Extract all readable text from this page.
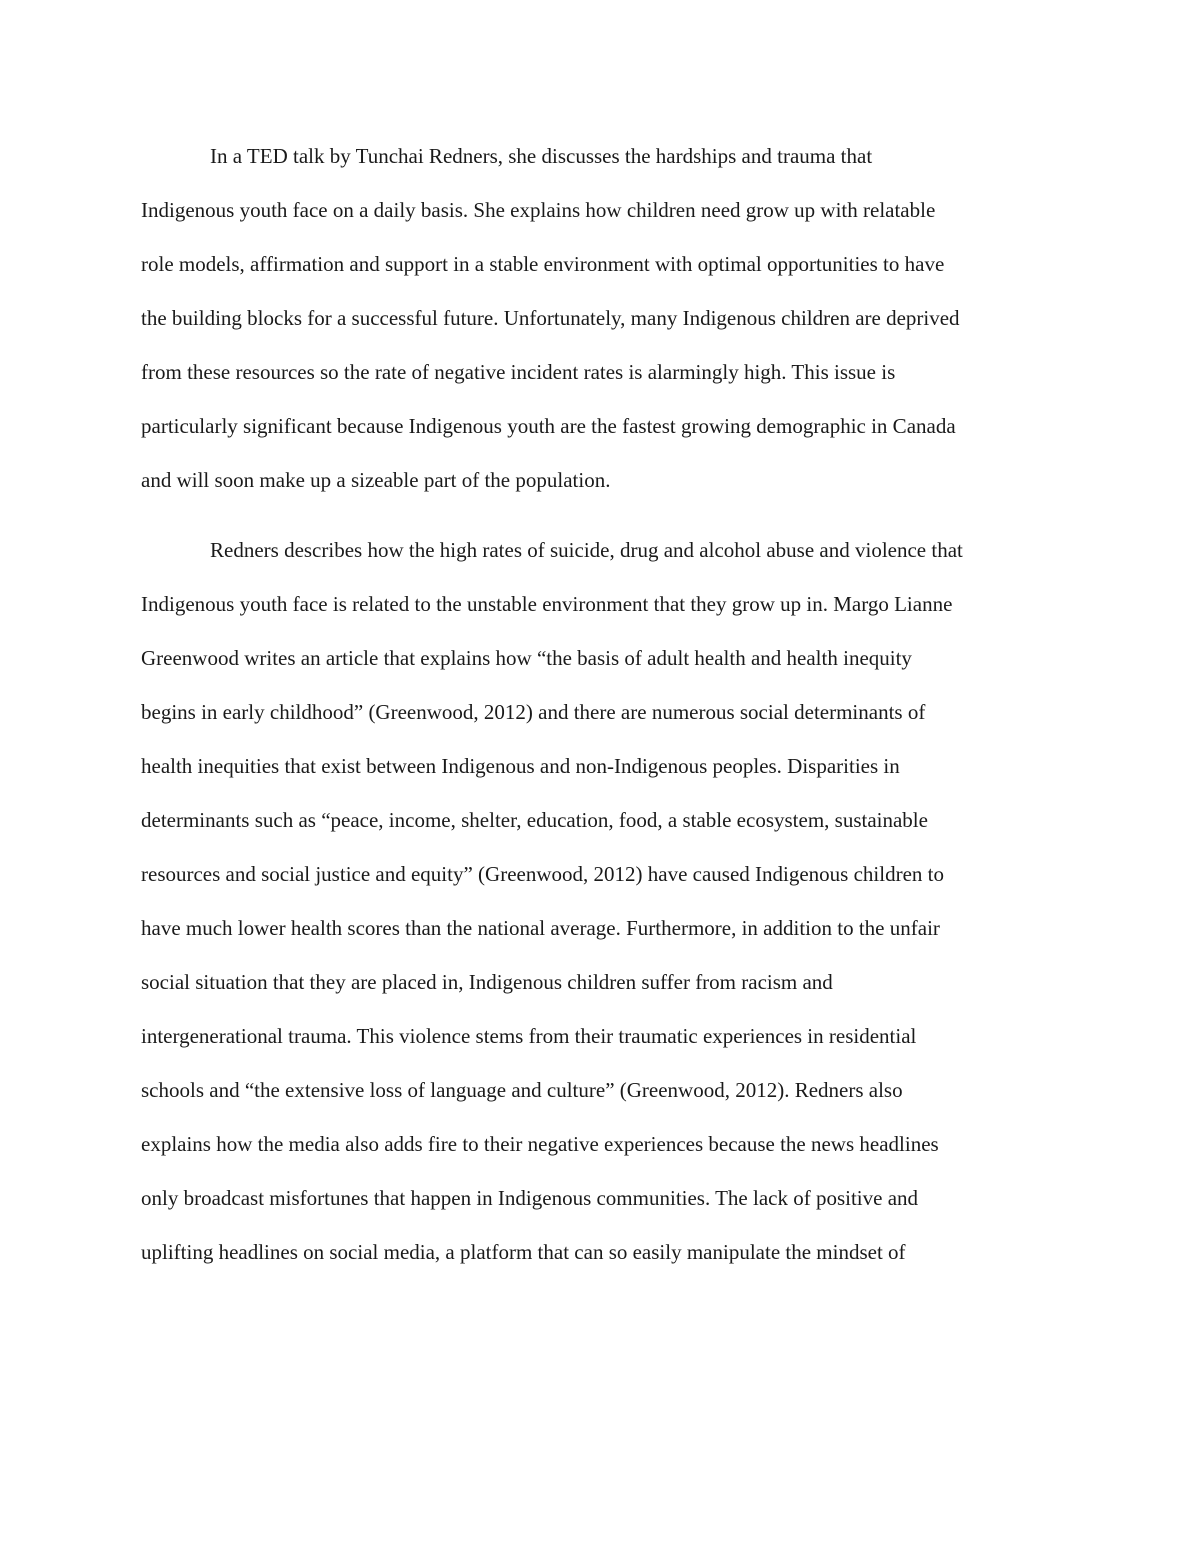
In a TED talk by Tunchai Redners, she discusses the hardships and trauma that
Indigenous youth face on a daily basis. She explains how children need grow up with relatable
role models, affirmation and support in a stable environment with optimal opportunities to have
the building blocks for a successful future. Unfortunately, many Indigenous children are deprived
from these resources so the rate of negative incident rates is alarmingly high. This issue is
particularly significant because Indigenous youth are the fastest growing demographic in Canada
and will soon make up a sizeable part of the population.
Redners describes how the high rates of suicide, drug and alcohol abuse and violence that
Indigenous youth face is related to the unstable environment that they grow up in. Margo Lianne
Greenwood writes an article that explains how “the basis of adult health and health inequity
begins in early childhood” (Greenwood, 2012) and there are numerous social determinants of
health inequities that exist between Indigenous and non-Indigenous peoples. Disparities in
determinants such as “peace, income, shelter, education, food, a stable ecosystem, sustainable
resources and social justice and equity” (Greenwood, 2012) have caused Indigenous children to
have much lower health scores than the national average. Furthermore, in addition to the unfair
social situation that they are placed in, Indigenous children suffer from racism and
intergenerational trauma. This violence stems from their traumatic experiences in residential
schools and “the extensive loss of language and culture” (Greenwood, 2012). Redners also
explains how the media also adds fire to their negative experiences because the news headlines
only broadcast misfortunes that happen in Indigenous communities. The lack of positive and
uplifting headlines on social media, a platform that can so easily manipulate the mindset of
